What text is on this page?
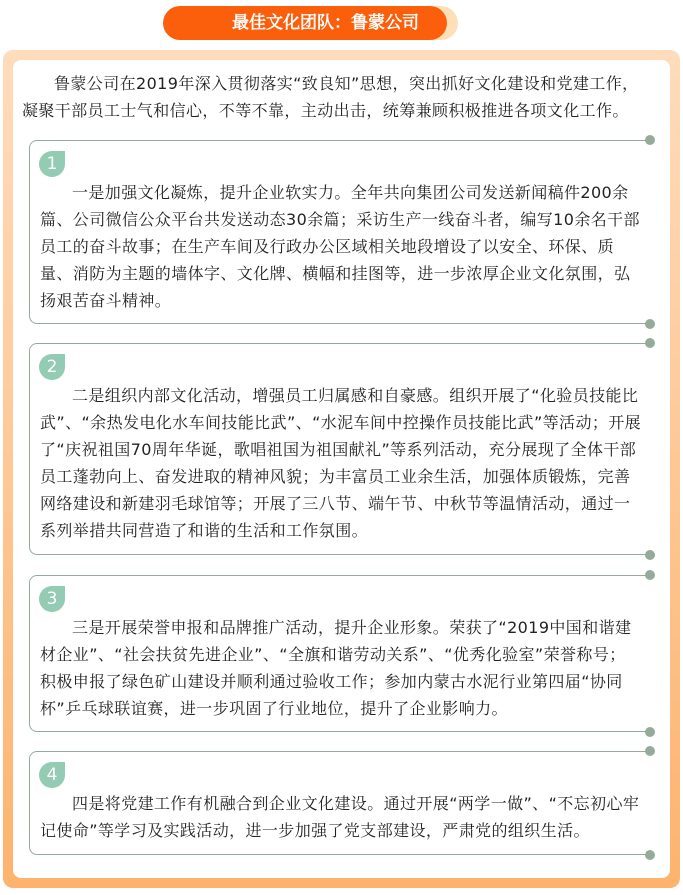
最佳文化团队：鲁蒙公司

鲁蒙公司在2019年深入贯彻落实“致良知”思想，突出抓好文化建设和党建工作，凝聚干部员工士气和信心，不等不靠，主动出击，统筹兼顾积极推进各项文化工作。

1

一是加强文化凝炼，提升企业软实力。全年共向集团公司发送新闻稿件200余篇、公司微信公众平台共发送动态30余篇；采访生产一线奋斗者，编写10余名干部员工的奋斗故事；在生产车间及行政办公区域相关地段增设了以安全、环保、质量、消防为主题的墙体字、文化牌、横幅和挂图等，进一步浓厚企业文化氛围，弘扬艰苦奋斗精神。

2

二是组织内部文化活动，增强员工归属感和自豪感。组织开展了“化验员技能比武”、“余热发电化水车间技能比武”、“水泥车间中控操作员技能比武”等活动；开展了“庆祝祖国70周年华诞，歌唱祖国为祖国献礼”等系列活动，充分展现了全体干部员工蓬勃向上、奋发进取的精神风貌；为丰富员工业余生活，加强体质锻炼，完善网络建设和新建羽毛球馆等；开展了三八节、端午节、中秋节等温情活动，通过一系列举措共同营造了和谐的生活和工作氛围。

3

三是开展荣誉申报和品牌推广活动，提升企业形象。荣获了“2019中国和谐建材企业”、“社会扶贫先进企业”、“全旗和谐劳动关系”、“优秀化验室”荣誉称号；积极申报了绿色矿山建设并顺利通过验收工作；参加内蒙古水泥行业第四届“协同杯”乒乓球联谊赛，进一步巩固了行业地位，提升了企业影响力。

4

四是将党建工作有机融合到企业文化建设。通过开展“两学一做”、“不忘初心牢记使命”等学习及实践活动，进一步加强了党支部建设，严肃党的组织生活。
